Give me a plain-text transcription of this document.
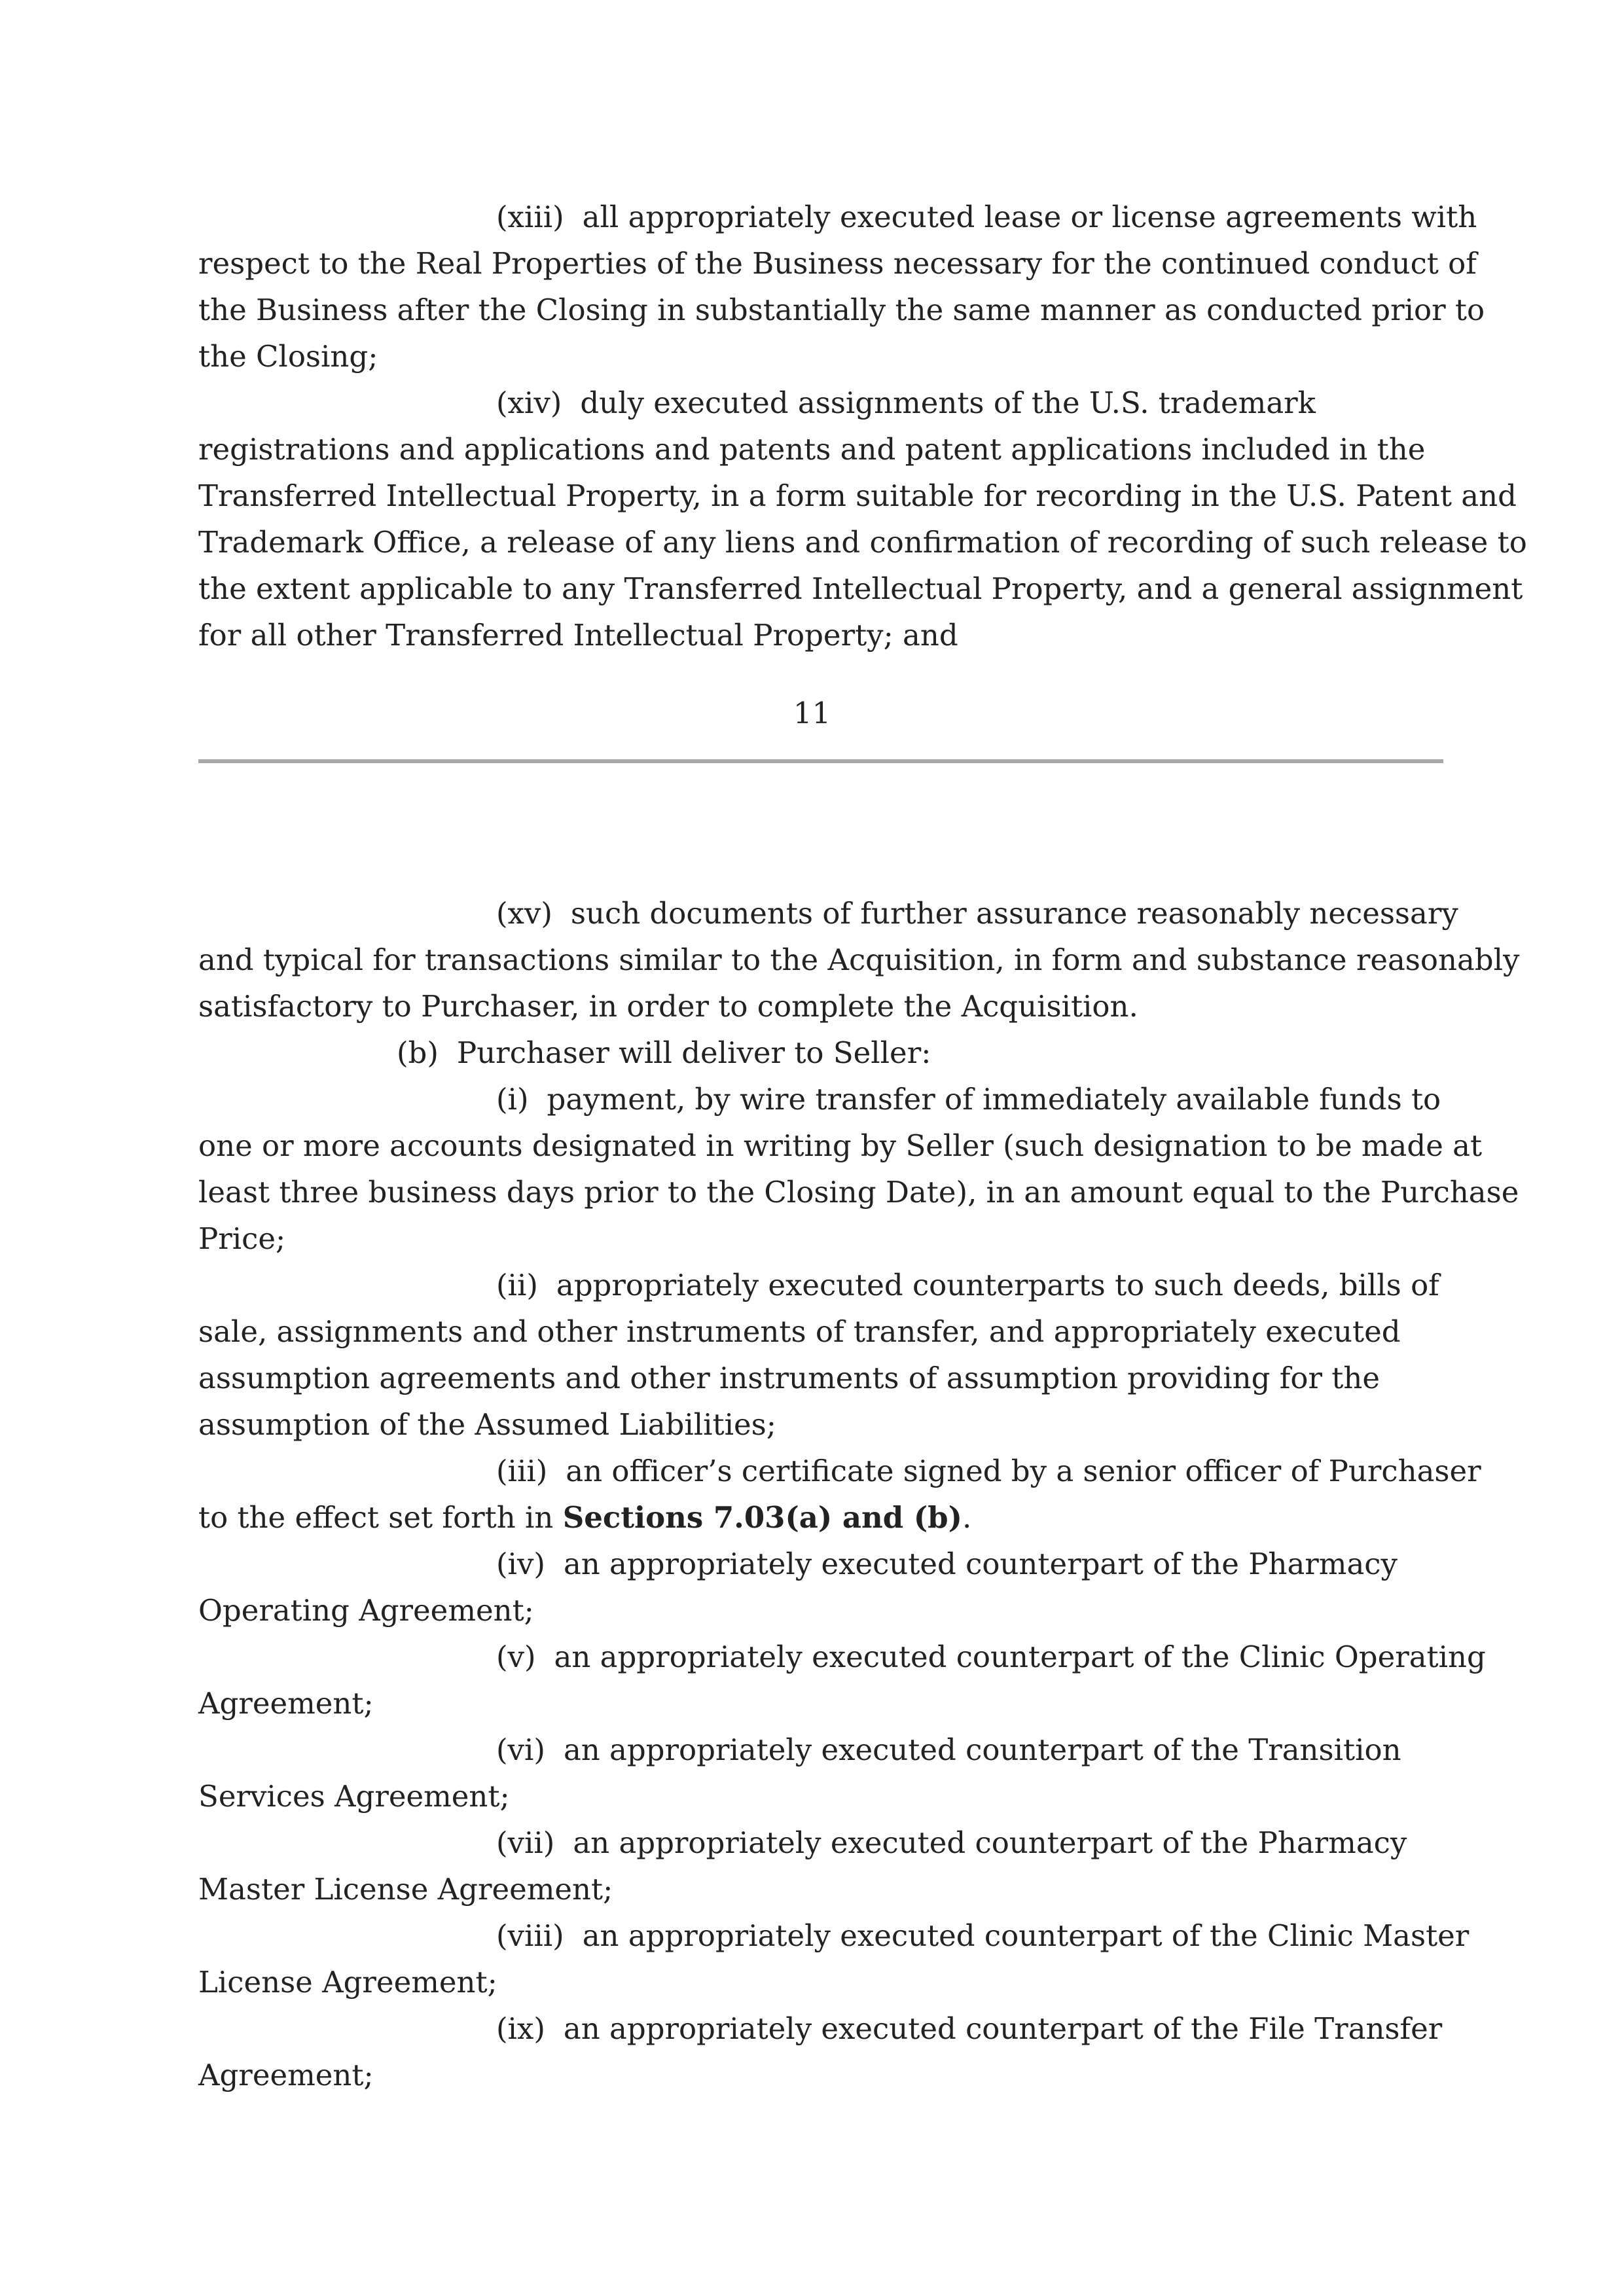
(xiii) all appropriately executed lease or license agreements with
respect to the Real Properties of the Business necessary for the continued conduct of
the Business after the Closing in substantially the same manner as conducted prior to
the Closing;
(xiv) duly executed assignments of the U.S. trademark
registrations and applications and patents and patent applications included in the
Transferred Intellectual Property, in a form suitable for recording in the U.S. Patent and
Trademark Office, a release of any liens and confirmation of recording of such release to
the extent applicable to any Transferred Intellectual Property, and a general assignment
for all other Transferred Intellectual Property; and
11
(xv) such documents of further assurance reasonably necessary
and typical for transactions similar to the Acquisition, in form and substance reasonably
satisfactory to Purchaser, in order to complete the Acquisition.
(b) Purchaser will deliver to Seller:
(i) payment, by wire transfer of immediately available funds to
one or more accounts designated in writing by Seller (such designation to be made at
least three business days prior to the Closing Date), in an amount equal to the Purchase
Price;
(ii) appropriately executed counterparts to such deeds, bills of
sale, assignments and other instruments of transfer, and appropriately executed
assumption agreements and other instruments of assumption providing for the
assumption of the Assumed Liabilities;
(iii) an officer’s certificate signed by a senior officer of Purchaser
to the effect set forth in Sections 7.03(a) and (b).
(iv) an appropriately executed counterpart of the Pharmacy
Operating Agreement;
(v) an appropriately executed counterpart of the Clinic Operating
Agreement;
(vi) an appropriately executed counterpart of the Transition
Services Agreement;
(vii) an appropriately executed counterpart of the Pharmacy
Master License Agreement;
(viii) an appropriately executed counterpart of the Clinic Master
License Agreement;
(ix) an appropriately executed counterpart of the File Transfer
Agreement;
